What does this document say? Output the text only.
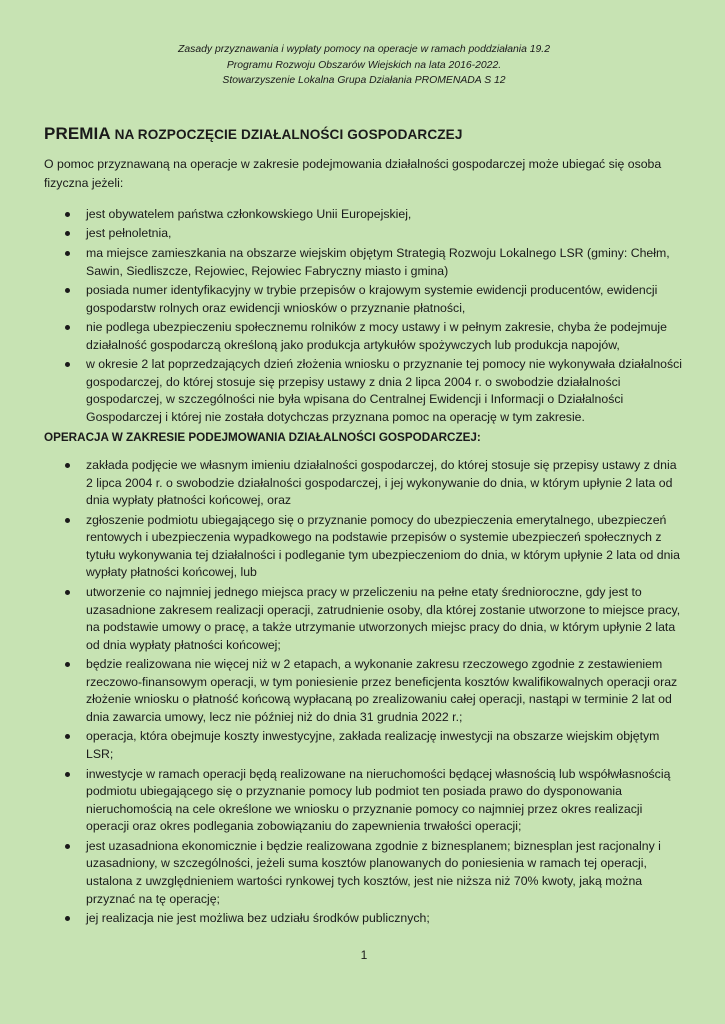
Zasady przyznawania i wypłaty pomocy na operacje w ramach poddziałania 19.2
Programu Rozwoju Obszarów Wiejskich na lata 2016-2022.
Stowarzyszenie Lokalna Grupa Działania PROMENADA S 12
PREMIA NA ROZPOCZĘCIE DZIAŁALNOŚCI GOSPODARCZEJ

O pomoc przyznawaną na operacje w zakresie podejmowania działalności gospodarczej może ubiegać się osoba fizyczna jeżeli:

jest obywatelem państwa członkowskiego Unii Europejskiej,
jest pełnoletnia,
ma miejsce zamieszkania na obszarze wiejskim objętym Strategią Rozwoju Lokalnego LSR (gminy: Chełm, Sawin, Siedliszcze, Rejowiec, Rejowiec Fabryczny miasto i gmina)
posiada numer identyfikacyjny w trybie przepisów o krajowym systemie ewidencji producentów, ewidencji gospodarstw rolnych oraz ewidencji wniosków o przyznanie płatności,
nie podlega ubezpieczeniu społecznemu rolników z mocy ustawy i w pełnym zakresie, chyba że podejmuje działalność gospodarczą określoną jako produkcja artykułów spożywczych lub produkcja napojów,
w okresie 2 lat poprzedzających dzień złożenia wniosku o przyznanie tej pomocy nie wykonywała działalności gospodarczej, do której stosuje się przepisy ustawy z dnia 2 lipca 2004 r. o swobodzie działalności gospodarczej, w szczególności nie była wpisana do Centralnej Ewidencji i Informacji o Działalności Gospodarczej i której nie została dotychczas przyznana pomoc na operację w tym zakresie.
OPERACJA W ZAKRESIE PODEJMOWANIA DZIAŁALNOŚCI GOSPODARCZEJ:
zakłada podjęcie we własnym imieniu działalności gospodarczej, do której stosuje się przepisy ustawy z dnia 2 lipca 2004 r. o swobodzie działalności gospodarczej, i jej wykonywanie do dnia, w którym upłynie 2 lata od dnia wypłaty płatności końcowej, oraz
zgłoszenie podmiotu ubiegającego się o przyznanie pomocy do ubezpieczenia emerytalnego, ubezpieczeń rentowych i ubezpieczenia wypadkowego na podstawie przepisów o systemie ubezpieczeń społecznych z tytułu wykonywania tej działalności i podleganie tym ubezpieczeniom do dnia, w którym upłynie 2 lata od dnia wypłaty płatności końcowej, lub
utworzenie co najmniej jednego miejsca pracy w przeliczeniu na pełne etaty średnioroczne, gdy jest to uzasadnione zakresem realizacji operacji, zatrudnienie osoby, dla której zostanie utworzone to miejsce pracy, na podstawie umowy o pracę, a także utrzymanie utworzonych miejsc pracy do dnia, w którym upłynie 2 lata od dnia wypłaty płatności końcowej;
będzie realizowana nie więcej niż w 2 etapach, a wykonanie zakresu rzeczowego zgodnie z zestawieniem rzeczowo-finansowym operacji, w tym poniesienie przez beneficjenta kosztów kwalifikowalnych operacji oraz złożenie wniosku o płatność końcową wypłacaną po zrealizowaniu całej operacji, nastąpi w terminie 2 lat od dnia zawarcia umowy, lecz nie później niż do dnia 31 grudnia 2022 r.;
operacja, która obejmuje koszty inwestycyjne, zakłada realizację inwestycji na obszarze wiejskim objętym LSR;
inwestycje w ramach operacji będą realizowane na nieruchomości będącej własnością lub współwłasnością podmiotu ubiegającego się o przyznanie pomocy lub podmiot ten posiada prawo do dysponowania nieruchomością na cele określone we wniosku o przyznanie pomocy co najmniej przez okres realizacji operacji oraz okres podlegania zobowiązaniu do zapewnienia trwałości operacji;
jest uzasadniona ekonomicznie i będzie realizowana zgodnie z biznesplanem; biznesplan jest racjonalny i uzasadniony, w szczególności, jeżeli suma kosztów planowanych do poniesienia w ramach tej operacji, ustalona z uwzględnieniem wartości rynkowej tych kosztów, jest nie niższa niż 70% kwoty, jaką można przyznać na tę operację;
jej realizacja nie jest możliwa bez udziału środków publicznych;
1
